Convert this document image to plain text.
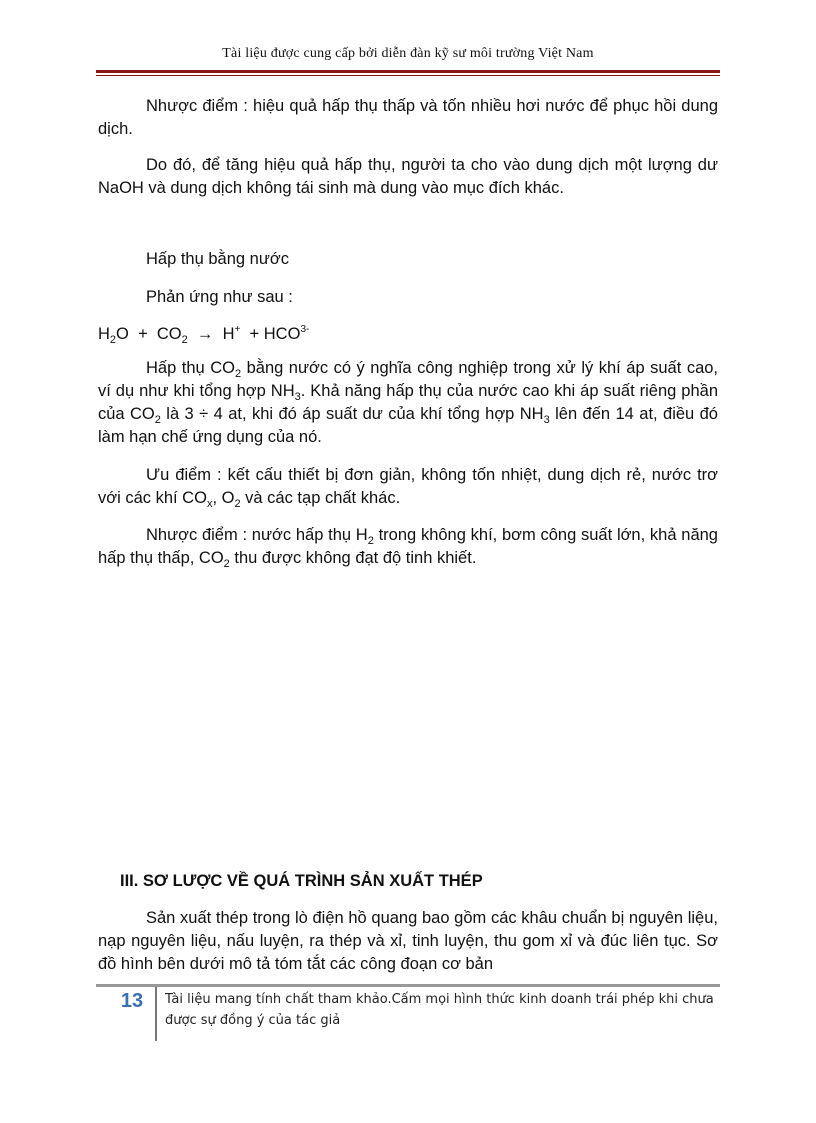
Tài liệu được cung cấp bởi diễn đàn kỹ sư môi trường Việt Nam
Nhược điểm : hiệu quả hấp thụ thấp và tốn nhiều hơi nước để phục hồi dung dịch.
Do đó, để tăng hiệu quả hấp thụ, người ta cho vào dung dịch một lượng dư NaOH và dung dịch không tái sinh mà dung vào mục đích khác.
Hấp thụ bằng nước
Phản ứng như sau :
$H_2O + CO_2 \to H^+ + HCO^{3-}$
Hấp thụ $CO_2$ bằng nước có ý nghĩa công nghiệp trong xử lý khí áp suất cao, ví dụ như khi tổng hợp $NH_3$. Khả năng hấp thụ của nước cao khi áp suất riêng phần của $CO_2$ là 3 ÷ 4 at, khi đó áp suất dư của khí tổng hợp $NH_3$ lên đến 14 at, điều đó làm hạn chế ứng dụng của nó.
Ưu điểm : kết cấu thiết bị đơn giản, không tốn nhiệt, dung dịch rẻ, nước trơ với các khí $CO_x$, $O_2$ và các tạp chất khác.
Nhược điểm : nước hấp thụ $H_2$ trong không khí, bơm công suất lớn, khả năng hấp thụ thấp, $CO_2$ thu được không đạt độ tinh khiết.
III. SƠ LƯỢC VỀ QUÁ TRÌNH SẢN XUẤT THÉP
Sản xuất thép trong lò điện hồ quang bao gồm các khâu chuẩn bị nguyên liệu, nạp nguyên liệu, nấu luyện, ra thép và xỉ, tinh luyện, thu gom xỉ và đúc liên tục. Sơ đồ hình bên dưới mô tả tóm tắt các công đoạn cơ bản
13	Tài liệu mang tính chất tham khảo.Cấm mọi hình thức kinh doanh trái phép khi chưa được sự đồng ý của tác giả
